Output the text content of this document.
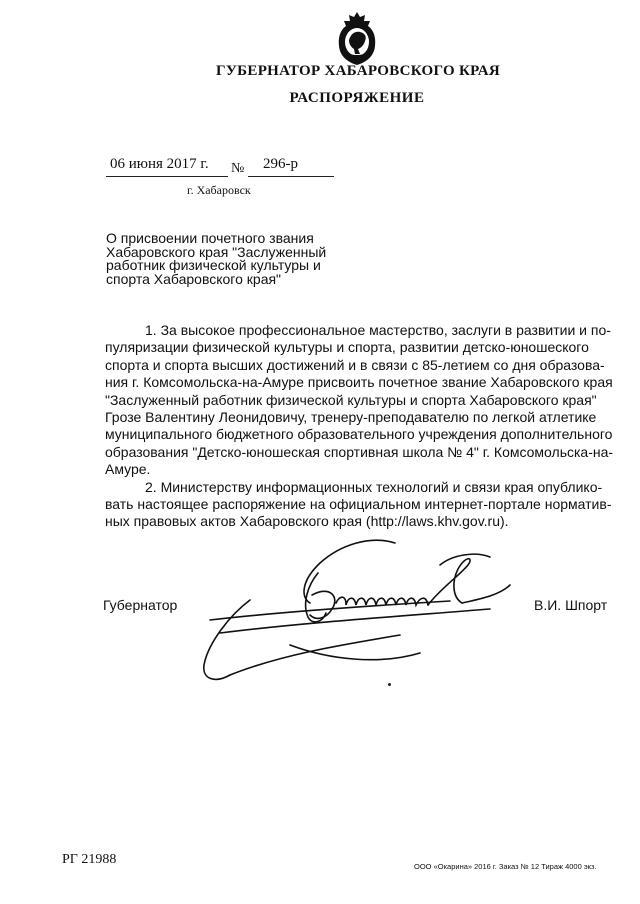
ГУБЕРНАТОР ХАБАРОВСКОГО КРАЯ
РАСПОРЯЖЕНИЕ
06 июня 2017 г. № 296-р
г. Хабаровск
О присвоении почетного звания
Хабаровского края "Заслуженный
работник физической культуры и
спорта Хабаровского края"
1. За высокое профессиональное мастерство, заслуги в развитии и по-
пуляризации физической культуры и спорта, развитии детско-юношеского
спорта и спорта высших достижений и в связи с 85-летием со дня образова-
ния г. Комсомольска-на-Амуре присвоить почетное звание Хабаровского края
"Заслуженный работник физической культуры и спорта Хабаровского края"
Грозе Валентину Леонидовичу, тренеру-преподавателю по легкой атлетике
муниципального бюджетного образовательного учреждения дополнительного
образования "Детско-юношеская спортивная школа № 4" г. Комсомольска-на-
Амуре.
2. Министерству информационных технологий и связи края опублико-
вать настоящее распоряжение на официальном интернет-портале норматив-
ных правовых актов Хабаровского края (http://laws.khv.gov.ru).
Губернатор	В.И. Шпорт
РГ 21988	ООО «Окарина» 2016 г. Заказ № 12 Тираж 4000 экз.
